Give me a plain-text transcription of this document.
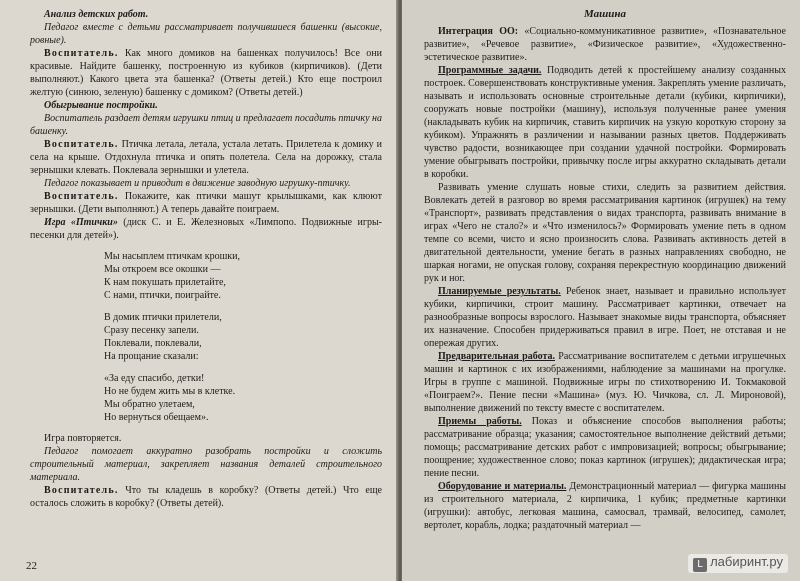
Анализ детских работ.

Педагог вместе с детьми рассматривает получившиеся башенки (высокие, ровные).

Воспитатель. Как много домиков на башенках получилось! Все они красивые. Найдите башенку, построенную из кубиков (кирпичиков). (Дети выполняют.) Какого цвета эта башенка? (Ответы детей.) Кто еще построил желтую (синюю, зеленую) башенку с домиком? (Ответы детей.)

Обыгрывание постройки.

Воспитатель раздает детям игрушки птиц и предлагает посадить птичку на башенку.

Воспитатель. Птичка летала, летала, устала летать. Прилетела к домику и села на крыше. Отдохнула птичка и опять полетела. Села на дорожку, стала зернышки клевать. Поклевала зернышки и улетела.

Педагог показывает и приводит в движение заводную игрушку-птичку.

Воспитатель. Покажите, как птички машут крылышками, как клюют зернышки. (Дети выполняют.) А теперь давайте поиграем.

Игра «Птички» (диск С. и Е. Железновых «Лимпопо. Подвижные игры-песенки для детей»).

Мы насыплем птичкам крошки,
Мы откроем все окошки —
К нам покушать прилетайте,
С нами, птички, поиграйте.
В домик птички прилетели,
Сразу песенку запели.
Поклевали, поклевали,
На прощание сказали:
«За еду спасибо, детки!
Но не будем жить мы в клетке.
Мы обратно улетаем,
Но вернуться обещаем».

Игра повторяется.

Педагог помогает аккуратно разобрать постройки и сложить строительный материал, закрепляет названия деталей строительного материала.

Воспитатель. Что ты кладешь в коробку? (Ответы детей.) Что еще осталось сложить в коробку? (Ответы детей).

22
Машина

Интеграция ОО: «Социально-коммуникативное развитие», «Познавательное развитие», «Речевое развитие», «Физическое развитие», «Художественно-эстетическое развитие».

Программные задачи. Подводить детей к простейшему анализу созданных построек. Совершенствовать конструктивные умения. Закреплять умение различать, называть и использовать основные строительные детали (кубики, кирпичики), сооружать новые постройки (машину), используя полученные ранее умения (накладывать кубик на кирпичик, ставить кирпичик на узкую короткую сторону за кубиком). Упражнять в различении и назывании разных цветов. Поддерживать чувство радости, возникающее при создании удачной постройки. Формировать умение обыгрывать постройки, привычку после игры аккуратно складывать детали в коробки.

Развивать умение слушать новые стихи, следить за развитием действия. Вовлекать детей в разговор во время рассматривания картинок (игрушек) на тему «Транспорт», развивать представления о видах транспорта, развивать внимание в играх «Чего не стало?» и «Что изменилось?» Формировать умение петь в одном темпе со всеми, чисто и ясно произносить слова. Развивать активность детей в двигательной деятельности, умение бегать в разных направлениях свободно, не шаркая ногами, не опуская голову, сохраняя перекрестную координацию движений рук и ног.

Планируемые результаты. Ребенок знает, называет и правильно использует кубики, кирпичики, строит машину. Рассматривает картинки, отвечает на разнообразные вопросы взрослого. Называет знакомые виды транспорта, объясняет их назначение. Способен придерживаться правил в игре. Поет, не отставая и не опережая других.

Предварительная работа. Рассматривание воспитателем с детьми игрушечных машин и картинок с их изображениями, наблюдение за машинами на прогулке. Игры в группе с машиной. Подвижные игры по стихотворению И. Токмаковой «Поиграем?». Пение песни «Машина» (муз. Ю. Чичкова, сл. Л. Мироновой), выполнение движений по тексту вместе с воспитателем.

Приемы работы. Показ и объяснение способов выполнения работы; рассматривание образца; указания; самостоятельное выполнение действий детьми; помощь; рассматривание детских работ с импровизацией; вопросы; обыгрывание; поощрение; художественное слово; показ картинок (игрушек); дидактическая игра; пение песни.

Оборудование и материалы. Демонстрационный материал — фигурка машины из строительного материала, 2 кирпичика, 1 кубик; предметные картинки (игрушки): автобус, легковая машина, самосвал, трамвай, велосипед, самолет, вертолет, корабль, лодка; раздаточный материал —

L лабиринт.ру
